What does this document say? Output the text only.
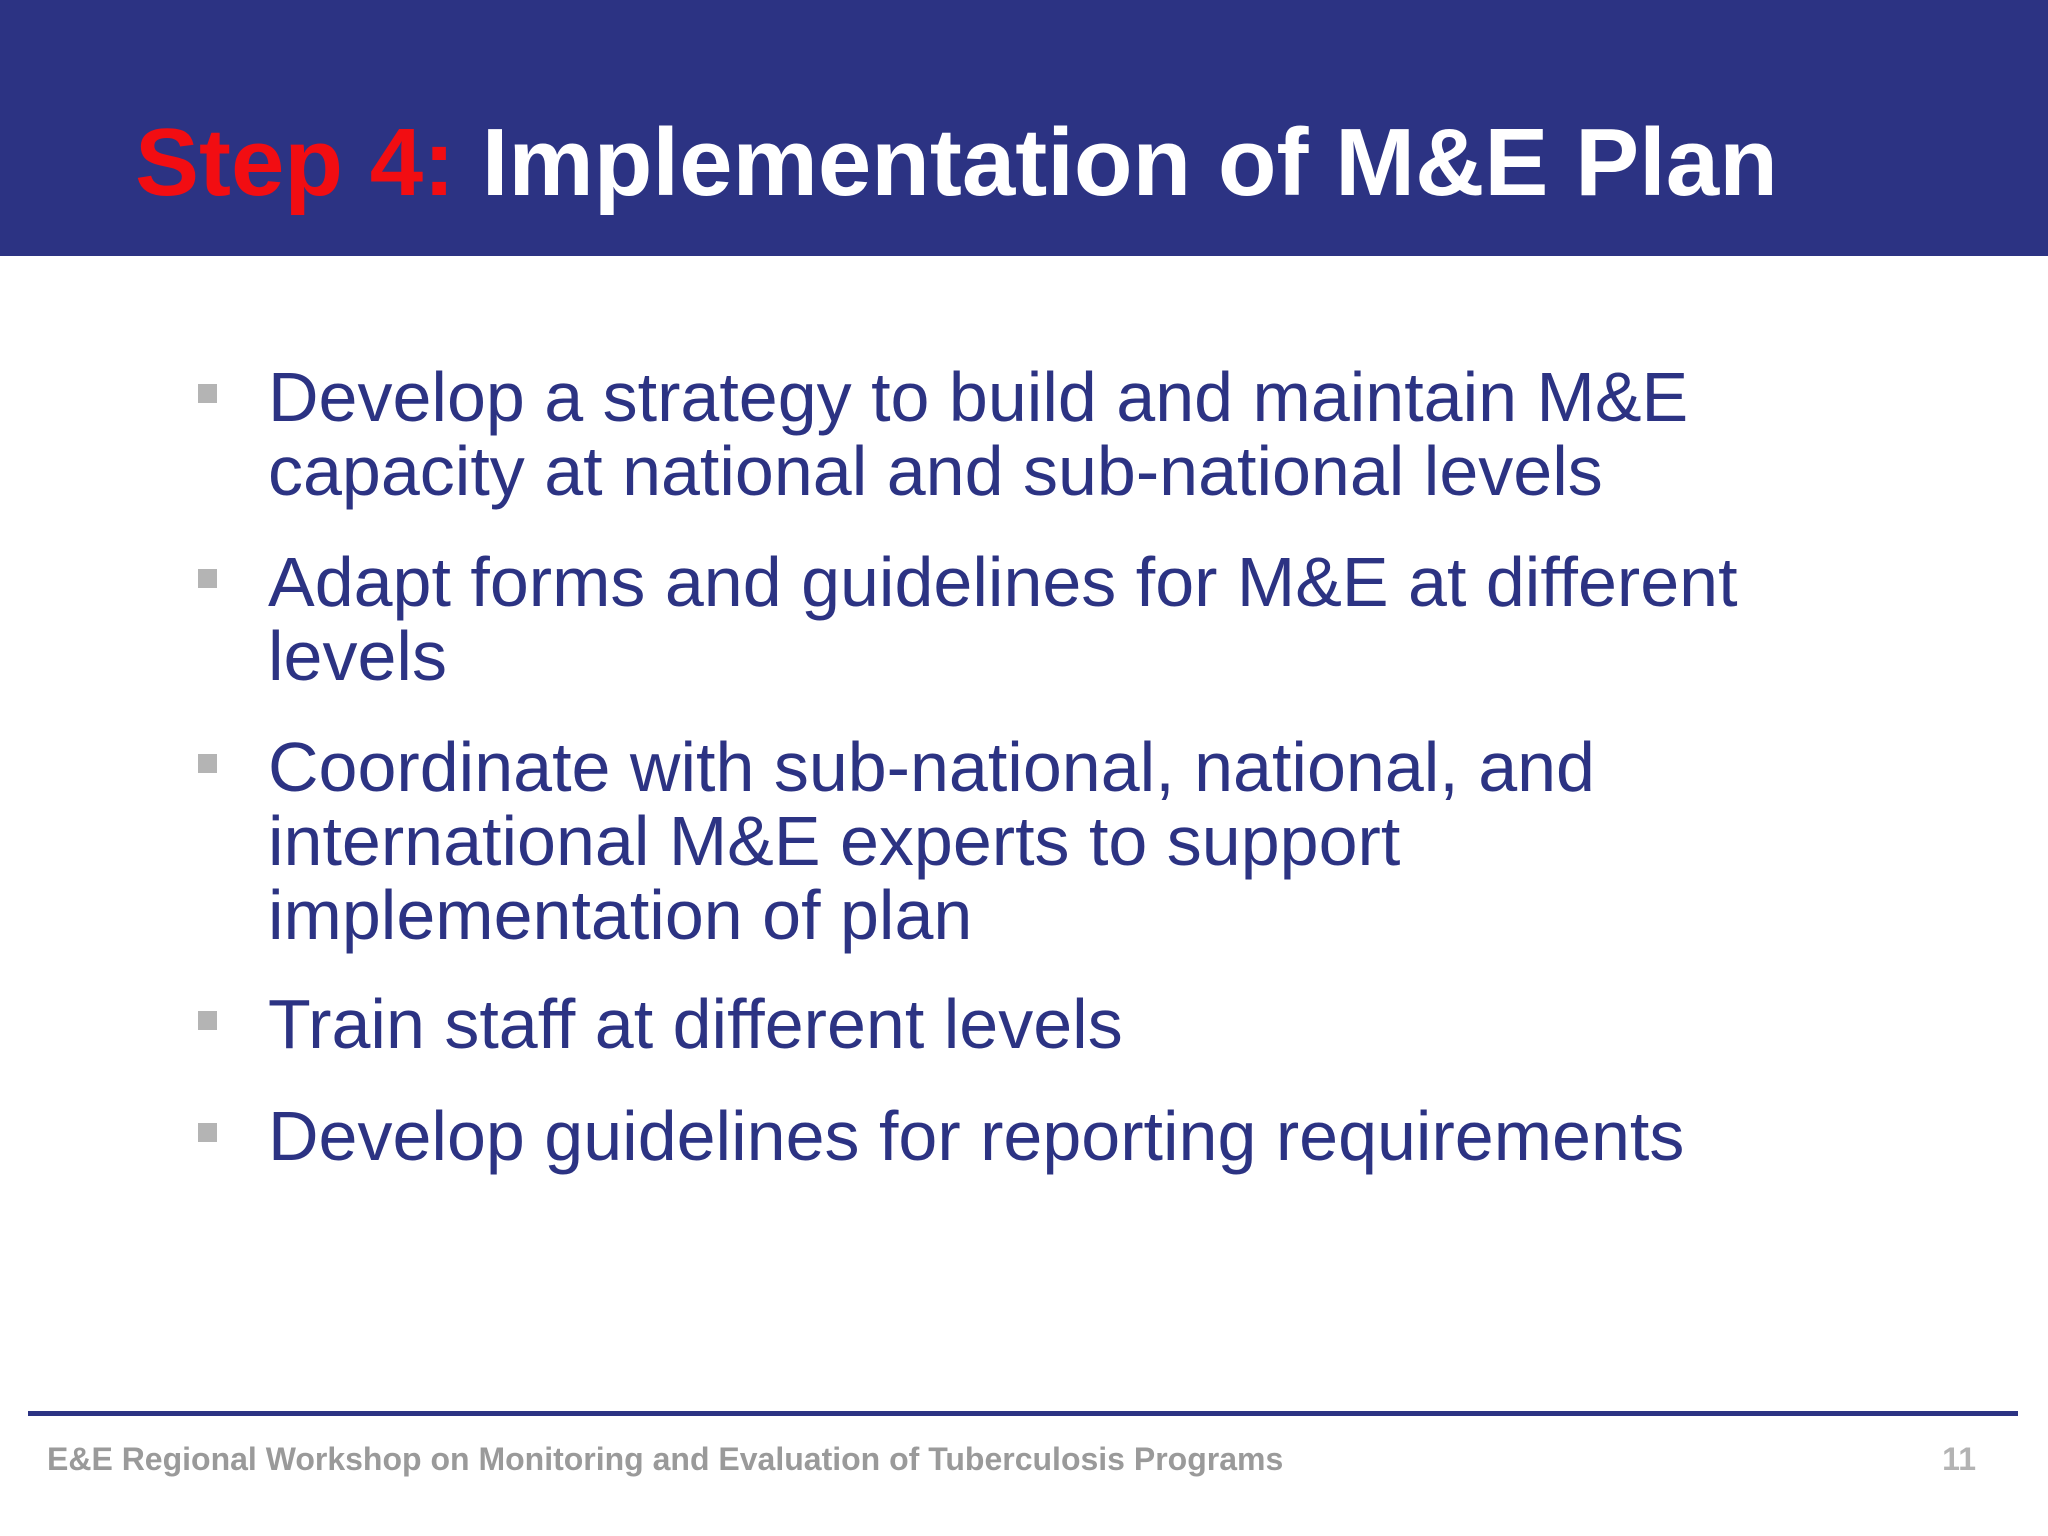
Step 4: Implementation of M&E Plan
Develop a strategy to build and maintain M&E
capacity at national and sub-national levels
Adapt forms and guidelines for M&E at different
levels
Coordinate with sub-national, national, and
international M&E experts to support
implementation of plan
Train staff at different levels
Develop guidelines for reporting requirements
E&E Regional Workshop on Monitoring and Evaluation of Tuberculosis Programs	11
